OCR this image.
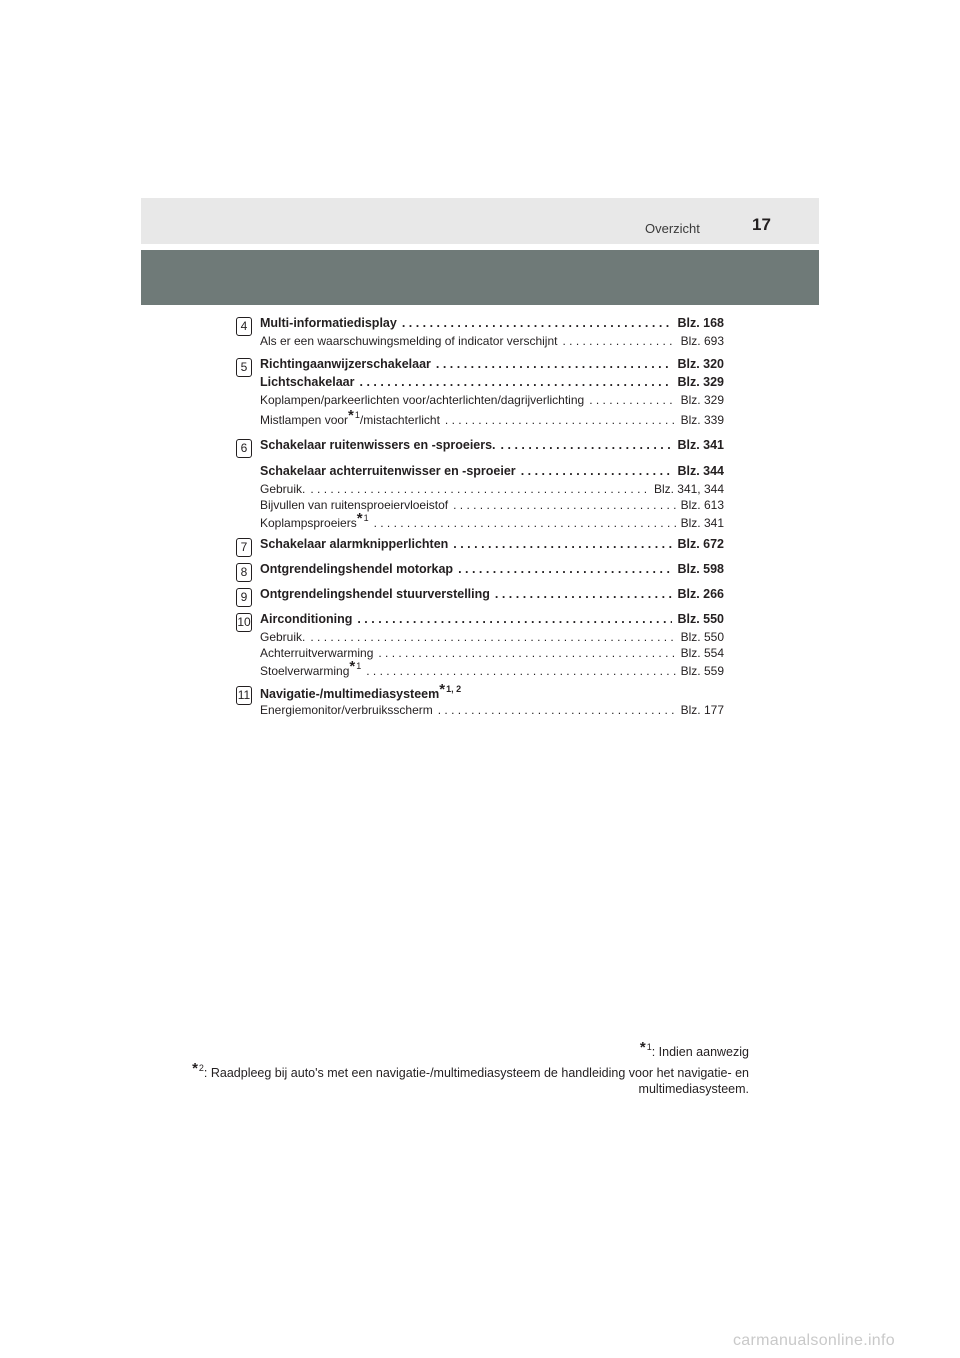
Overzicht	17
4	Multi-informatiedisplay . . .	Blz. 168
Als er een waarschuwingsmelding of indicator verschijnt . . .	Blz. 693
5	Richtingaanwijzerschakelaar . . .	Blz. 320
Lichtschakelaar . . .	Blz. 329
Koplampen/parkeerlichten voor/achterlichten/dagrijverlichting . . .	Blz. 329
Mistlampen voor*$^1$/mistachterlicht . . .	Blz. 339
6	Schakelaar ruitenwissers en -sproeiers. . . .	Blz. 341
Schakelaar achterruitenwisser en -sproeier . . .	Blz. 344
Gebruik. . . .	Blz. 341, 344
Bijvullen van ruitensproeiervloeistof . . .	Blz. 613
Koplampsproeiers*$^1$ . . .	Blz. 341
7	Schakelaar alarmknipperlichten . . .	Blz. 672
8	Ontgrendelingshendel motorkap . . .	Blz. 598
9	Ontgrendelingshendel stuurverstelling . . .	Blz. 266
10 Airconditioning . . .	Blz. 550
Gebruik. . . .	Blz. 550
Achterruitverwarming . . .	Blz. 554
Stoelverwarming*$^1$ . . .	Blz. 559
11 Navigatie-/multimediasysteem*$^{1, 2}$
Energiemonitor/verbruiksscherm . . .	Blz. 177
*$^1$: Indien aanwezig
*$^2$: Raadpleeg bij auto's met een navigatie-/multimediasysteem de handleiding voor het navigatie- en multimediasysteem.
carmanualsonline.info
